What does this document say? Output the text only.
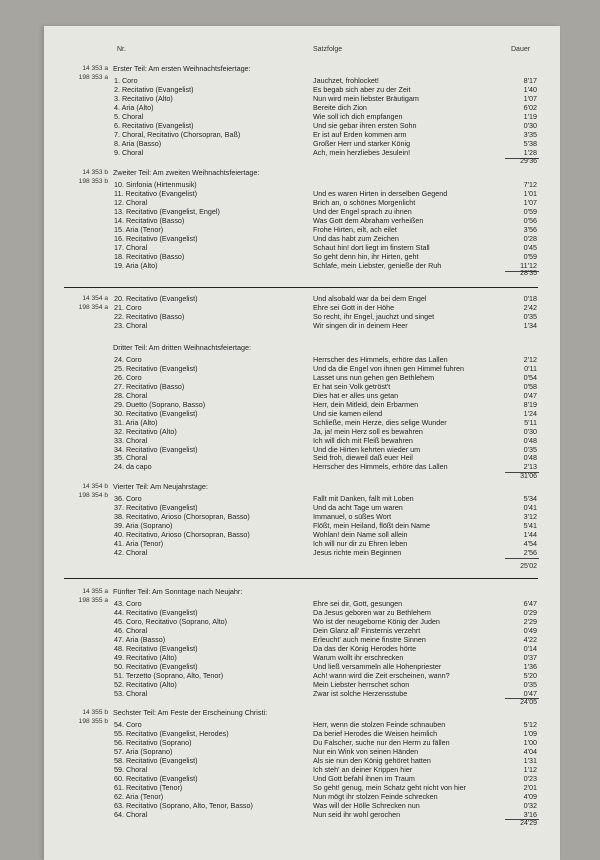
Nr.	Satzfolge	Dauer
14 353 a
198 353 a
Erster Teil: Am ersten Weihnachtsfeiertage:
1. Coro	Jauchzet, frohlocket!	8'17
2. Recitativo (Evangelist)	Es begab sich aber zu der Zeit	1'40
3. Recitativo (Alto)	Nun wird mein liebster Bräutigam	1'07
4. Aria (Alto)	Bereite dich Zion	6'02
5. Choral	Wie soll ich dich empfangen	1'19
6. Recitativo (Evangelist)	Und sie gebar ihren ersten Sohn	0'30
7. Choral, Recitativo (Chorsopran, Baß)	Er ist auf Erden kommen arm	3'35
8. Aria (Basso)	Großer Herr und starker König	5'38
9. Choral	Ach, mein herzliebes Jesulein!	1'28
29'36
14 353 b
198 353 b
Zweiter Teil: Am zweiten Weihnachtsfeiertage:
10. Sinfonia (Hirtenmusik)	7'12
11. Recitativo (Evangelist)	Und es waren Hirten in derselben Gegend	1'01
12. Choral	Brich an, o schönes Morgenlicht	1'07
13. Recitativo (Evangelist, Engel)	Und der Engel sprach zu ihnen	0'59
14. Recitativo (Basso)	Was Gott dem Abraham verheißen	0'56
15. Aria (Tenor)	Frohe Hirten, eilt, ach eilet	3'56
16. Recitativo (Evangelist)	Und das habt zum Zeichen	0'28
17. Choral	Schaut hin! dort liegt im finstern Stall	0'45
18. Recitativo (Basso)	So geht denn hin, ihr Hirten, geht	0'59
19. Aria (Alto)	Schlafe, mein Liebster, genieße der Ruh	11'12
28'35
14 354 a
198 354 a
20. Recitativo (Evangelist)	Und alsobald war da bei dem Engel	0'18
21. Coro	Ehre sei Gott in der Höhe	2'42
22. Recitativo (Basso)	So recht, ihr Engel, jauchzt und singet	0'35
23. Choral	Wir singen dir in deinem Heer	1'34
Dritter Teil: Am dritten Weihnachtsfeiertage:
24. Coro	Herrscher des Himmels, erhöre das Lallen	2'12
25. Recitativo (Evangelist)	Und da die Engel von ihnen gen Himmel fuhren	0'11
26. Coro	Lasset uns nun gehen gen Bethlehem	0'54
27. Recitativo (Basso)	Er hat sein Volk getröst't	0'58
28. Choral	Dies hat er alles uns getan	0'47
29. Duetto (Soprano, Basso)	Herr, dein Mitleid, dein Erbarmen	8'19
30. Recitativo (Evangelist)	Und sie kamen eilend	1'24
31. Aria (Alto)	Schließe, mein Herze, dies selige Wunder	5'11
32. Recitativo (Alto)	Ja, ja! mein Herz soll es bewahren	0'30
33. Choral	Ich will dich mit Fleiß bewahren	0'48
34. Recitativo (Evangelist)	Und die Hirten kehrten wieder um	0'35
35. Choral	Seid froh, dieweil daß euer Heil	0'48
24. da capo	Herrscher des Himmels, erhöre das Lallen	2'13
31'06
14 354 b
198 354 b
Vierter Teil: Am Neujahrstage:
36. Coro	Fallt mit Danken, fallt mit Loben	5'34
37. Recitativo (Evangelist)	Und da acht Tage um waren	0'41
38. Recitativo, Arioso (Chorsopran, Basso)	Immanuel, o süßes Wort	3'12
39. Aria (Soprano)	Flößt, mein Heiland, flößt dein Name	5'41
40. Recitativo, Arioso (Chorsopran, Basso)	Wohlan! dein Name soll allein	1'44
41. Aria (Tenor)	Ich will nur dir zu Ehren leben	4'54
42. Choral	Jesus richte mein Beginnen	2'56
25'02
14 355 a
198 355 a
Fünfter Teil: Am Sonntage nach Neujahr:
43. Coro	Ehre sei dir, Gott, gesungen	6'47
44. Recitativo (Evangelist)	Da Jesus geboren war zu Bethlehem	0'29
45. Coro, Recitativo (Soprano, Alto)	Wo ist der neugeborne König der Juden	2'29
46. Choral	Dein Glanz all' Finsternis verzehrt	0'49
47. Aria (Basso)	Erleucht' auch meine finstre Sinnen	4'22
48. Recitativo (Evangelist)	Da das der König Herodes hörte	0'14
49. Recitativo (Alto)	Warum wollt ihr erschrecken	0'37
50. Recitativo (Evangelist)	Und ließ versammeln alle Hohenpriester	1'36
51. Terzetto (Soprano, Alto, Tenor)	Ach! wann wird die Zeit erscheinen, wann?	5'20
52. Recitativo (Alto)	Mein Liebster herrschet schon	0'35
53. Choral	Zwar ist solche Herzensstube	0'47
24'05
14 355 b
198 355 b
Sechster Teil: Am Feste der Erscheinung Christi:
54. Coro	Herr, wenn die stolzen Feinde schnauben	5'12
55. Recitativo (Evangelist, Herodes)	Da berief Herodes die Weisen heimlich	1'09
56. Recitativo (Soprano)	Du Falscher, suche nur den Herrn zu fällen	1'00
57. Aria (Soprano)	Nur ein Wink von seinen Händen	4'04
58. Recitativo (Evangelist)	Als sie nun den König gehöret hatten	1'31
59. Choral	Ich steh' an deiner Krippen hier	1'12
60. Recitativo (Evangelist)	Und Gott befahl ihnen im Traum	0'23
61. Recitativo (Tenor)	So geht! genug, mein Schatz geht nicht von hier	2'01
62. Aria (Tenor)	Nun mögt ihr stolzen Feinde schrecken	4'09
63. Recitativo (Soprano, Alto, Tenor, Basso)	Was will der Hölle Schrecken nun	0'32
64. Choral	Nun seid ihr wohl gerochen	3'16
24'29
